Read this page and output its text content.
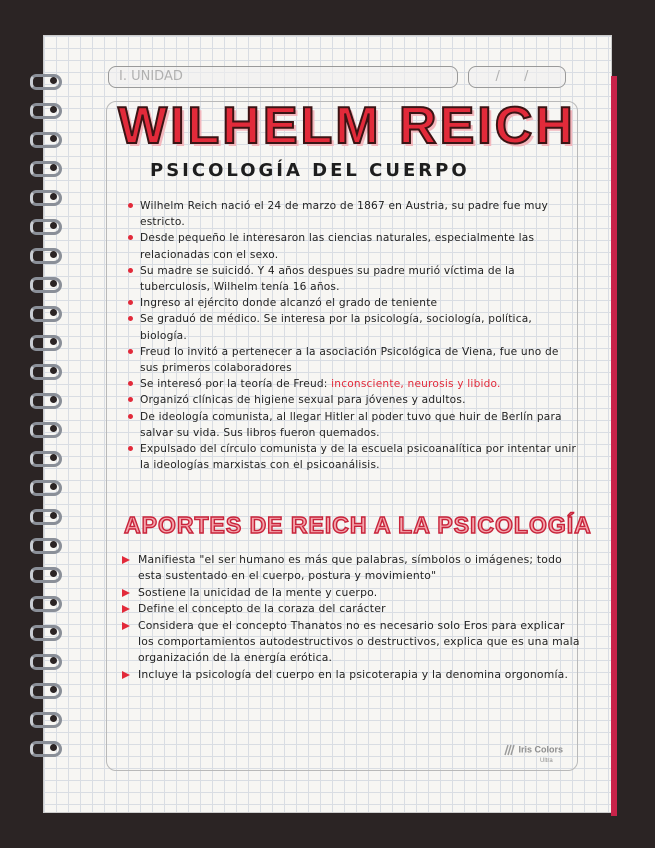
I. UNIDAD	/ /
WILHELM REICH
PSICOLOGÍA DEL CUERPO
Wilhelm Reich nació el 24 de marzo de 1867 en Austria, su padre fue muy estricto.
Desde pequeño le interesaron las ciencias naturales, especialmente las relacionadas con el sexo.
Su madre se suicidó. Y 4 años despues su padre murió víctima de la tuberculosis, Wilhelm tenía 16 años.
Ingreso al ejército donde alcanzó el grado de teniente
Se graduó de médico. Se interesa por la psicología, sociología, política, biología.
Freud lo invitó a pertenecer a la asociación Psicológica de Viena, fue uno de sus primeros colaboradores
Se interesó por la teoría de Freud: inconsciente, neurosis y libido.
Organizó clínicas de higiene sexual para jóvenes y adultos.
De ideología comunista, al llegar Hitler al poder tuvo que huir de Berlín para salvar su vida. Sus libros fueron quemados.
Expulsado del círculo comunista y de la escuela psicoanalítica por intentar unir la ideologías marxistas con el psicoanálisis.
APORTES DE REICH A LA PSICOLOGÍA
Manifiesta "el ser humano es más que palabras, símbolos o imágenes; todo esta sustentado en el cuerpo, postura y movimiento"
Sostiene la unicidad de la mente y cuerpo.
Define el concepto de la coraza del carácter
Considera que el concepto Thanatos no es necesario solo Eros para explicar los comportamientos autodestructivos o destructivos, explica que es una mala organización de la energía erótica.
Incluye la psicología del cuerpo en la psicoterapia y la denomina orgonomía.
Iris Colors
Ultra
